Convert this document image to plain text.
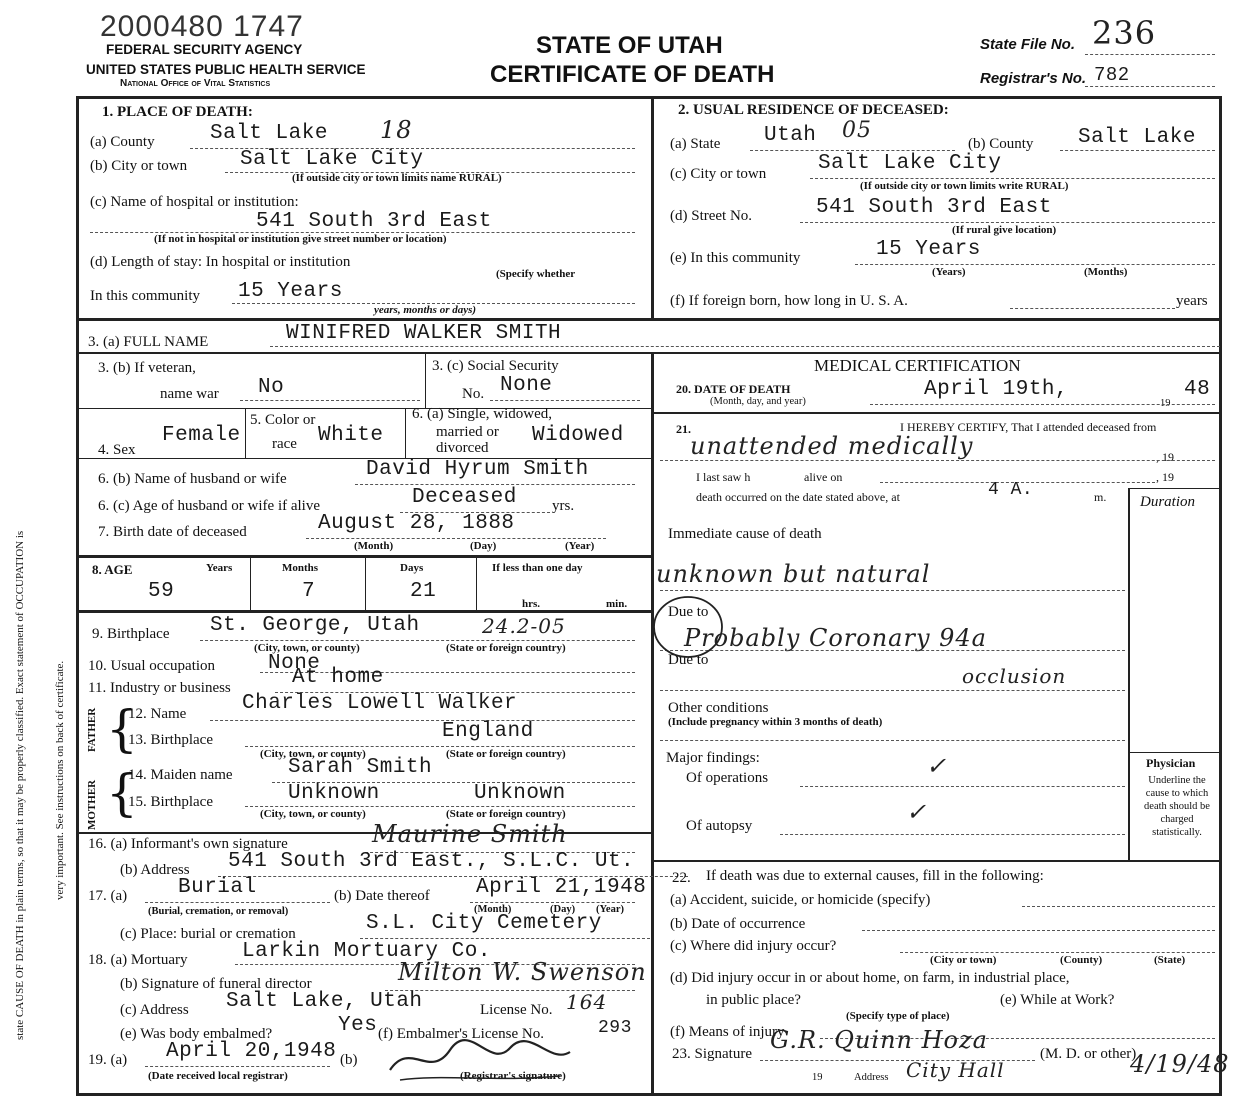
state CAUSE OF DEATH in plain terms, so that it may be properly classified. Exact statement of OCCUPATION is	very important. See instructions on back of certificate.
2000480 1747
FEDERAL SECURITY AGENCY
UNITED STATES PUBLIC HEALTH SERVICE
National Office of Vital Statistics
STATE OF UTAH
CERTIFICATE OF DEATH
State File No. 236
Registrar's No. 782
1. PLACE OF DEATH:
(a) County	Salt Lake 18
(b) City or town	Salt Lake City
(If outside city or town limits name RURAL)
(c) Name of hospital or institution:
541 South 3rd East
(If not in hospital or institution give street number or location)
(d) Length of stay: In hospital or institution
(Specify whether
In this community 15 Years
years, months or days)
3. (a) FULL NAME	WINIFRED WALKER SMITH
3. (b) If veteran,
name war No
3. (c) Social Security
No. None
4. Sex
Female
5. Color or
race White
6. (a) Single, widowed,
married or
divorced
Widowed
6. (b) Name of husband or wife	David Hyrum Smith
6. (c) Age of husband or wife if alive	Deceased yrs.
7. Birth date of deceased	August 28, 1888
(Month)	(Day)	(Year)
8. AGE	Years
59
Months
7
Days
21
If less than one day
hrs.	min.
9. Birthplace St. George, Utah	24.2-05
(City, town, or county)	(State or foreign country)
10. Usual occupation	None
11. Industry or business	At home
FATHER
MOTHER
{
{
12. Name	Charles Lowell Walker
13. Birthplace	England
(City, town, or county)	(State or foreign country)
14. Maiden name	Sarah Smith
15. Birthplace	Unknown	Unknown
(City, town, or county)	(State or foreign country)
16. (a) Informant's own signature	Maurine Smith
(b) Address 541 South 3rd East., S.L.C. Ut.
17. (a) Burial
(Burial, cremation, or removal)
(b) Date thereof April 21,1948
(Month)	(Day) (Year)
(c) Place: burial or cremation	S.L. City Cemetery
18. (a) Mortuary	Larkin Mortuary Co.
(b) Signature of funeral director	Milton W. Swenson
(c) Address Salt Lake, Utah	License No. 164
(e) Was body embalmed?	Yes (f) Embalmer's License No.	293
19. (a) April 20,1948 (b)
(Date received local registrar)	(Registrar's signature)
2. USUAL RESIDENCE OF DECEASED:
(a) State Utah 05
(b) County Salt Lake
(c) City or town Salt Lake City
(If outside city or town limits write RURAL)
(d) Street No.	541 South 3rd East
(If rural give location)
(e) In this community	15 Years
(Years)	(Months)
(f) If foreign born, how long in U. S. A.	years
MEDICAL CERTIFICATION
20. DATE OF DEATH
(Month, day, and year)
April 19th,
19
48
21.	I HEREBY CERTIFY, That I attended deceased from
unattended medically	, 19
I last saw h	alive on	, 19
death occurred on the date stated above, at	4 A.	m. Duration
Immediate cause of death
unknown but natural
Due to
Probably Coronary 94a
Due to
occlusion
Other conditions
(Include pregnancy within 3 months of death)
Major findings:
Of operations	✓
Of autopsy	✓
Physician
Underline the cause to which death should be charged statistically.
22. If death was due to external causes, fill in the following:
(a) Accident, suicide, or homicide (specify)
(b) Date of occurrence
(c) Where did injury occur?
(City or town)	(County)	(State)
(d) Did injury occur in or about home, on farm, in industrial place,
in public place?	(e) While at Work?
(Specify type of place)
(f) Means of injury
23. Signature G.R. Quinn Hoza	(M. D. or other)
4/19/48
19	Address City Hall
